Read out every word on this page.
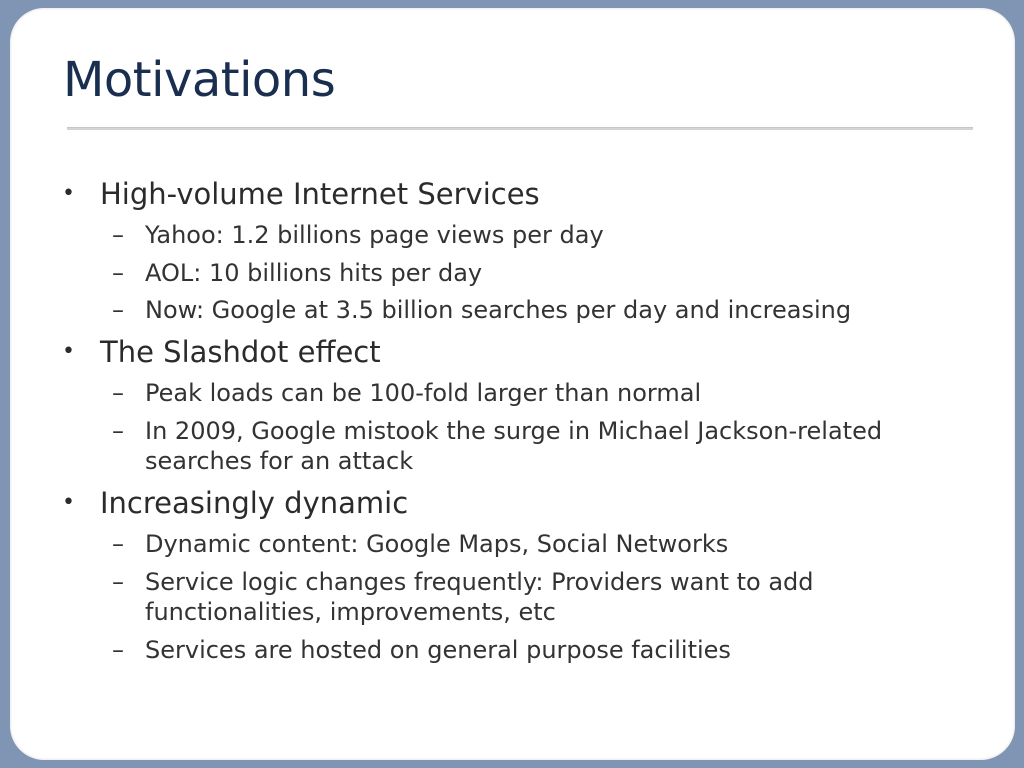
Motivations
• High-volume Internet Services
– Yahoo: 1.2 billions page views per day
– AOL: 10 billions hits per day
– Now: Google at 3.5 billion searches per day and increasing
• The Slashdot effect
– Peak loads can be 100-fold larger than normal
– In 2009, Google mistook the surge in Michael Jackson-related searches for an attack
• Increasingly dynamic
– Dynamic content: Google Maps, Social Networks
– Service logic changes frequently: Providers want to add functionalities, improvements, etc
– Services are hosted on general purpose facilities
